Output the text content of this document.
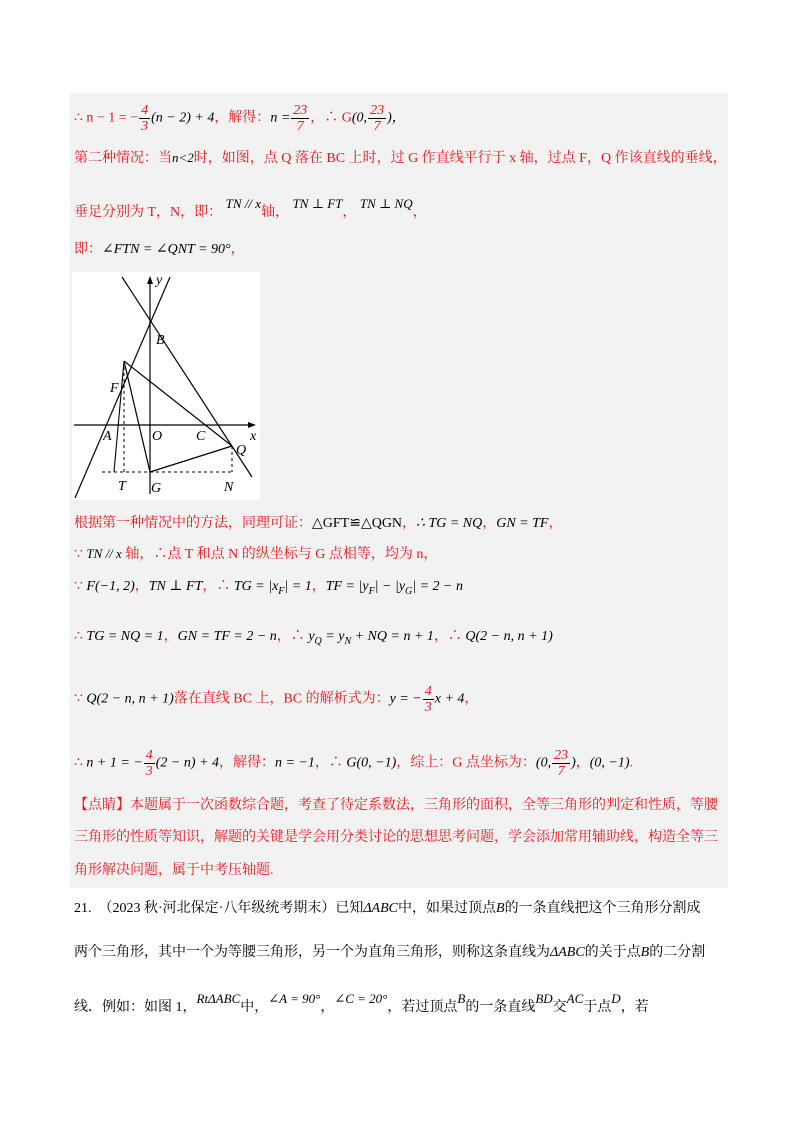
∴ n − 1 = − $\frac{4}{3} (n - 2) + 4$，解得：$n = \frac{23}{7}$ ，∴ G(0, $\frac{23}{7}$ )，
第二种情况：当n<2时，如图，点 Q 落在 BC 上时，过 G 作直线平行于 x 轴，过点 F，Q 作该直线的垂线，
垂足分别为 T，N，即： TN // x轴， TN ⊥ FT， TN ⊥ NQ，
即：∠FTN = ∠QNT = 90°，
y
x
B
F
A	O C
Q
T G	N
根据第一种情况中的方法，同理可证：△GFT≌△QGN，∴ TG = NQ，GN = TF，
∵ TN // x 轴，∴点 T 和点 N 的纵坐标与 G 点相等，均为 n，
∵ F(−1, 2)，TN ⊥ FT，∴ TG = $|x_F| = 1$，TF = $|y_F| - |y_G| = 2 - n$
∴ TG = NQ = 1，GN = TF = 2 − n，∴ $y_Q = y_N$ + NQ = n + 1，∴ Q(2 − n, n + 1)
∵ Q(2 − n, n + 1)落在直线 BC 上，BC 的解析式为：y = − $\frac{4}{3}$ x + 4，
∴ n + 1 = − $\frac{4}{3} (2 - n) + 4$，解得：n = −1，∴ G(0, −1)，综上：G 点坐标为：(0, $\frac{23}{7}$ )，(0, −1).
【点睛】本题属于一次函数综合题，考查了待定系数法，三角形的面积，全等三角形的判定和性质，等腰
三角形的性质等知识，解题的关键是学会用分类讨论的思想思考问题，学会添加常用辅助线，构造全等三
角形解决问题，属于中考压轴题.
21.　（2023 秋·河北保定·八年级统考期末）已知ΔABC中，如果过顶点B的一条直线把这个三角形分割成
两个三角形，其中一个为等腰三角形，另一个为直角三角形，则称这条直线为ΔABC的关于点B的二分割
线．例如：如图 1，RtΔABC中，∠A = 90°，∠C = 20°，若过顶点B的一条直线BD交AC于点D，若
